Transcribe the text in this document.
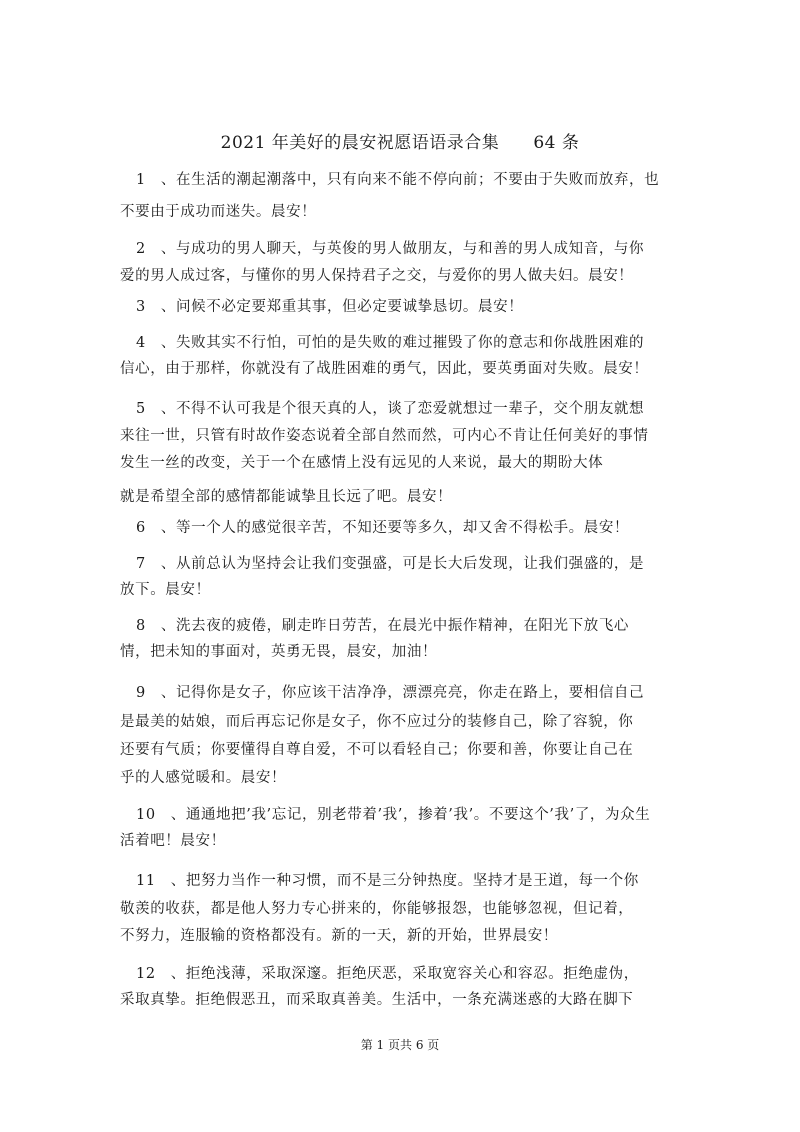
2021 年美好的晨安祝愿语语录合集 64 条
1　、在生活的潮起潮落中，只有向来不能不停向前；不要由于失败而放弃，也
不要由于成功而迷失。晨安！
2　、与成功的男人聊天，与英俊的男人做朋友，与和善的男人成知音，与你
爱的男人成过客，与懂你的男人保持君子之交，与爱你的男人做夫妇。晨安！
3　、问候不必定要郑重其事，但必定要诚挚恳切。晨安！
4　、失败其实不行怕，可怕的是失败的难过摧毁了你的意志和你战胜困难的
信心，由于那样，你就没有了战胜困难的勇气，因此，要英勇面对失败。晨安！
5　、不得不认可我是个很天真的人，谈了恋爱就想过一辈子，交个朋友就想
来往一世，只管有时故作姿态说着全部自然而然，可内心不肯让任何美好的事情
发生一丝的改变，关于一个在感情上没有远见的人来说，最大的期盼大体
就是希望全部的感情都能诚挚且长远了吧。晨安！
6　、等一个人的感觉很辛苦，不知还要等多久，却又舍不得松手。晨安！
7　、从前总认为坚持会让我们变强盛，可是长大后发现，让我们强盛的，是
放下。晨安！
8　、洗去夜的疲倦，刷走昨日劳苦，在晨光中振作精神，在阳光下放飞心
情，把未知的事面对，英勇无畏，晨安，加油！
9　、记得你是女子，你应该干洁净净，漂漂亮亮，你走在路上，要相信自己
是最美的姑娘，而后再忘记你是女子，你不应过分的装修自己，除了容貌，你
还要有气质；你要懂得自尊自爱，不可以看轻自己；你要和善，你要让自己在
乎的人感觉暖和。晨安！
10　、通通地把’我’忘记，别老带着’我’，掺着’我’。不要这个’我’了，为众生
活着吧！晨安！
11　、把努力当作一种习惯，而不是三分钟热度。坚持才是王道，每一个你
敬羡的收获，都是他人努力专心拼来的，你能够报怨，也能够忽视，但记着，
不努力，连服输的资格都没有。新的一天，新的开始，世界晨安！
12　、拒绝浅薄，采取深邃。拒绝厌恶，采取宽容关心和容忍。拒绝虚伪，
采取真挚。拒绝假恶丑，而采取真善美。生活中，一条充满迷惑的大路在脚下
第 1 页共 6 页
